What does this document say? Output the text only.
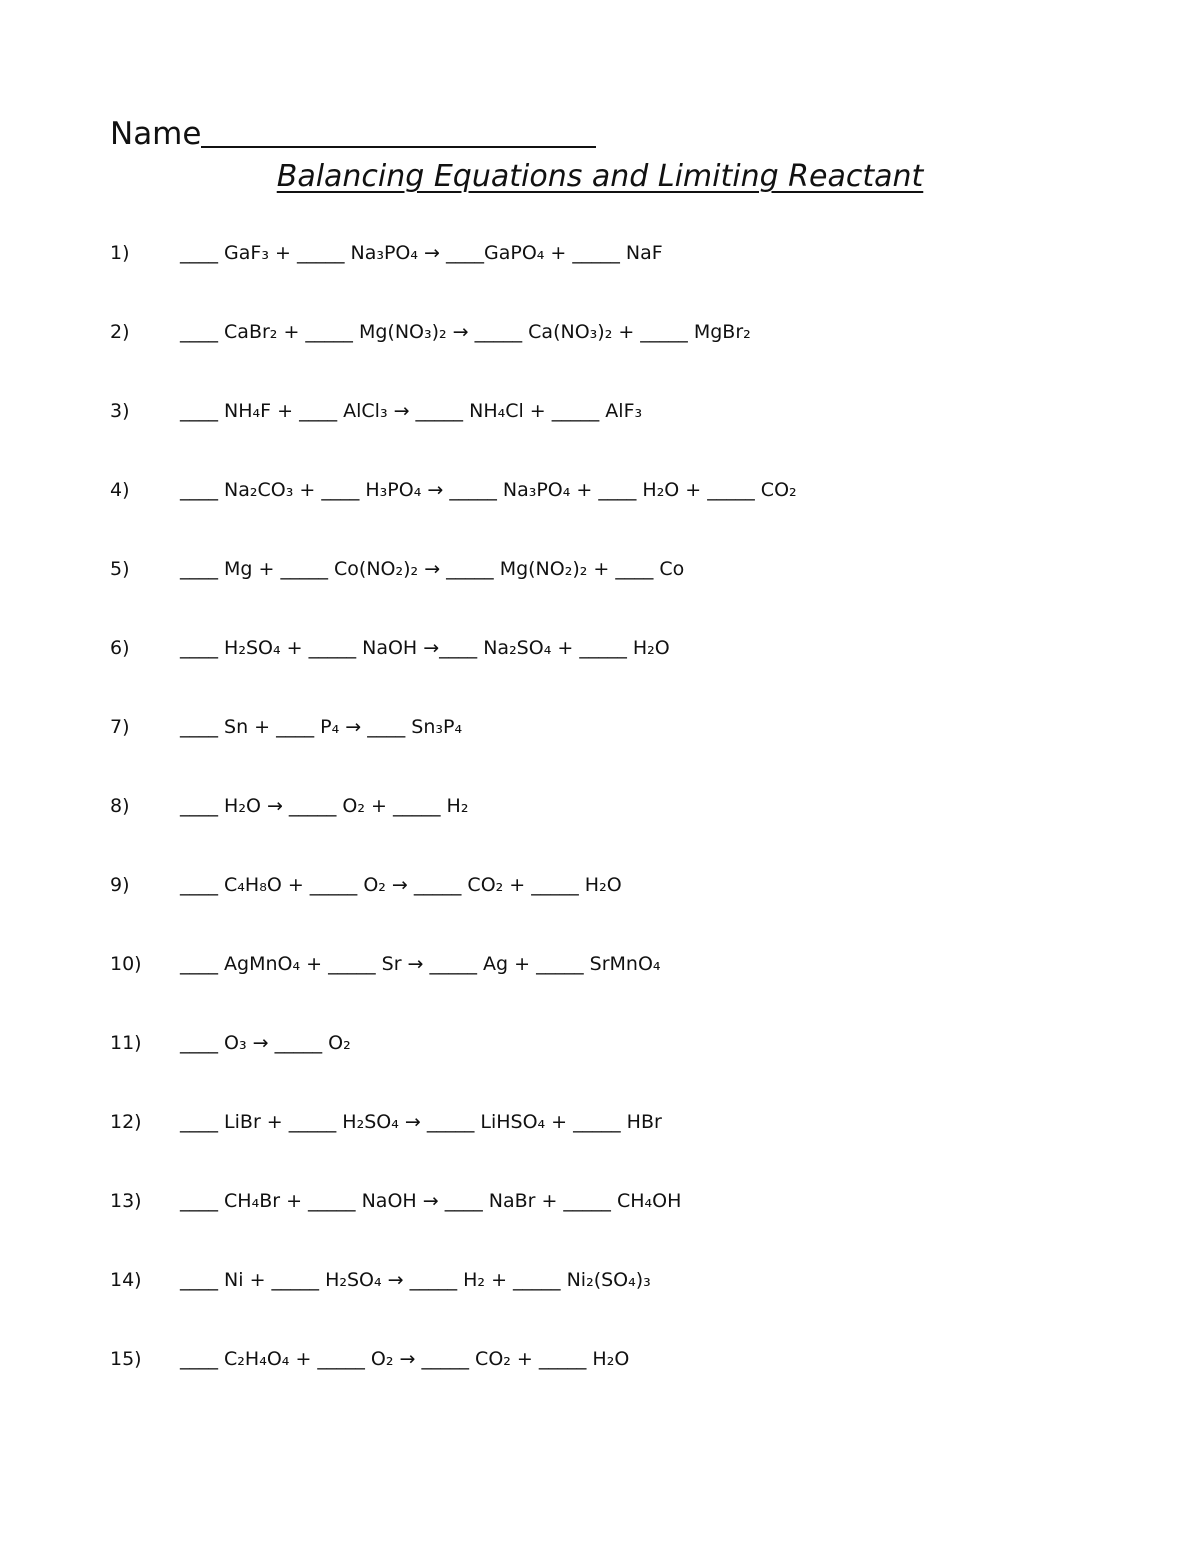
Name
Balancing Equations and Limiting Reactant
1)	____ GaF₃ + _____ Na₃PO₄ → ____GaPO₄ + _____ NaF
2)	____ CaBr₂ + _____ Mg(NO₃)₂ → _____ Ca(NO₃)₂ + _____ MgBr₂
3)	____ NH₄F + ____ AlCl₃ → _____ NH₄Cl + _____ AlF₃
4)	____ Na₂CO₃ + ____ H₃PO₄ → _____ Na₃PO₄ + ____ H₂O + _____ CO₂
5)	____ Mg + _____ Co(NO₂)₂ → _____ Mg(NO₂)₂ + ____ Co
6)	____ H₂SO₄ + _____ NaOH →____ Na₂SO₄ + _____ H₂O
7)	____ Sn + ____ P₄ → ____ Sn₃P₄
8)	____ H₂O → _____ O₂ + _____ H₂
9)	____ C₄H₈O + _____ O₂ → _____ CO₂ + _____ H₂O
10)	____ AgMnO₄ + _____ Sr → _____ Ag + _____ SrMnO₄
11)	____ O₃ → _____ O₂
12)	____ LiBr + _____ H₂SO₄ → _____ LiHSO₄ + _____ HBr
13)	____ CH₄Br + _____ NaOH → ____ NaBr + _____ CH₄OH
14)	____ Ni + _____ H₂SO₄ → _____ H₂ + _____ Ni₂(SO₄)₃
15)	____ C₂H₄O₄ + _____ O₂ → _____ CO₂ + _____ H₂O
